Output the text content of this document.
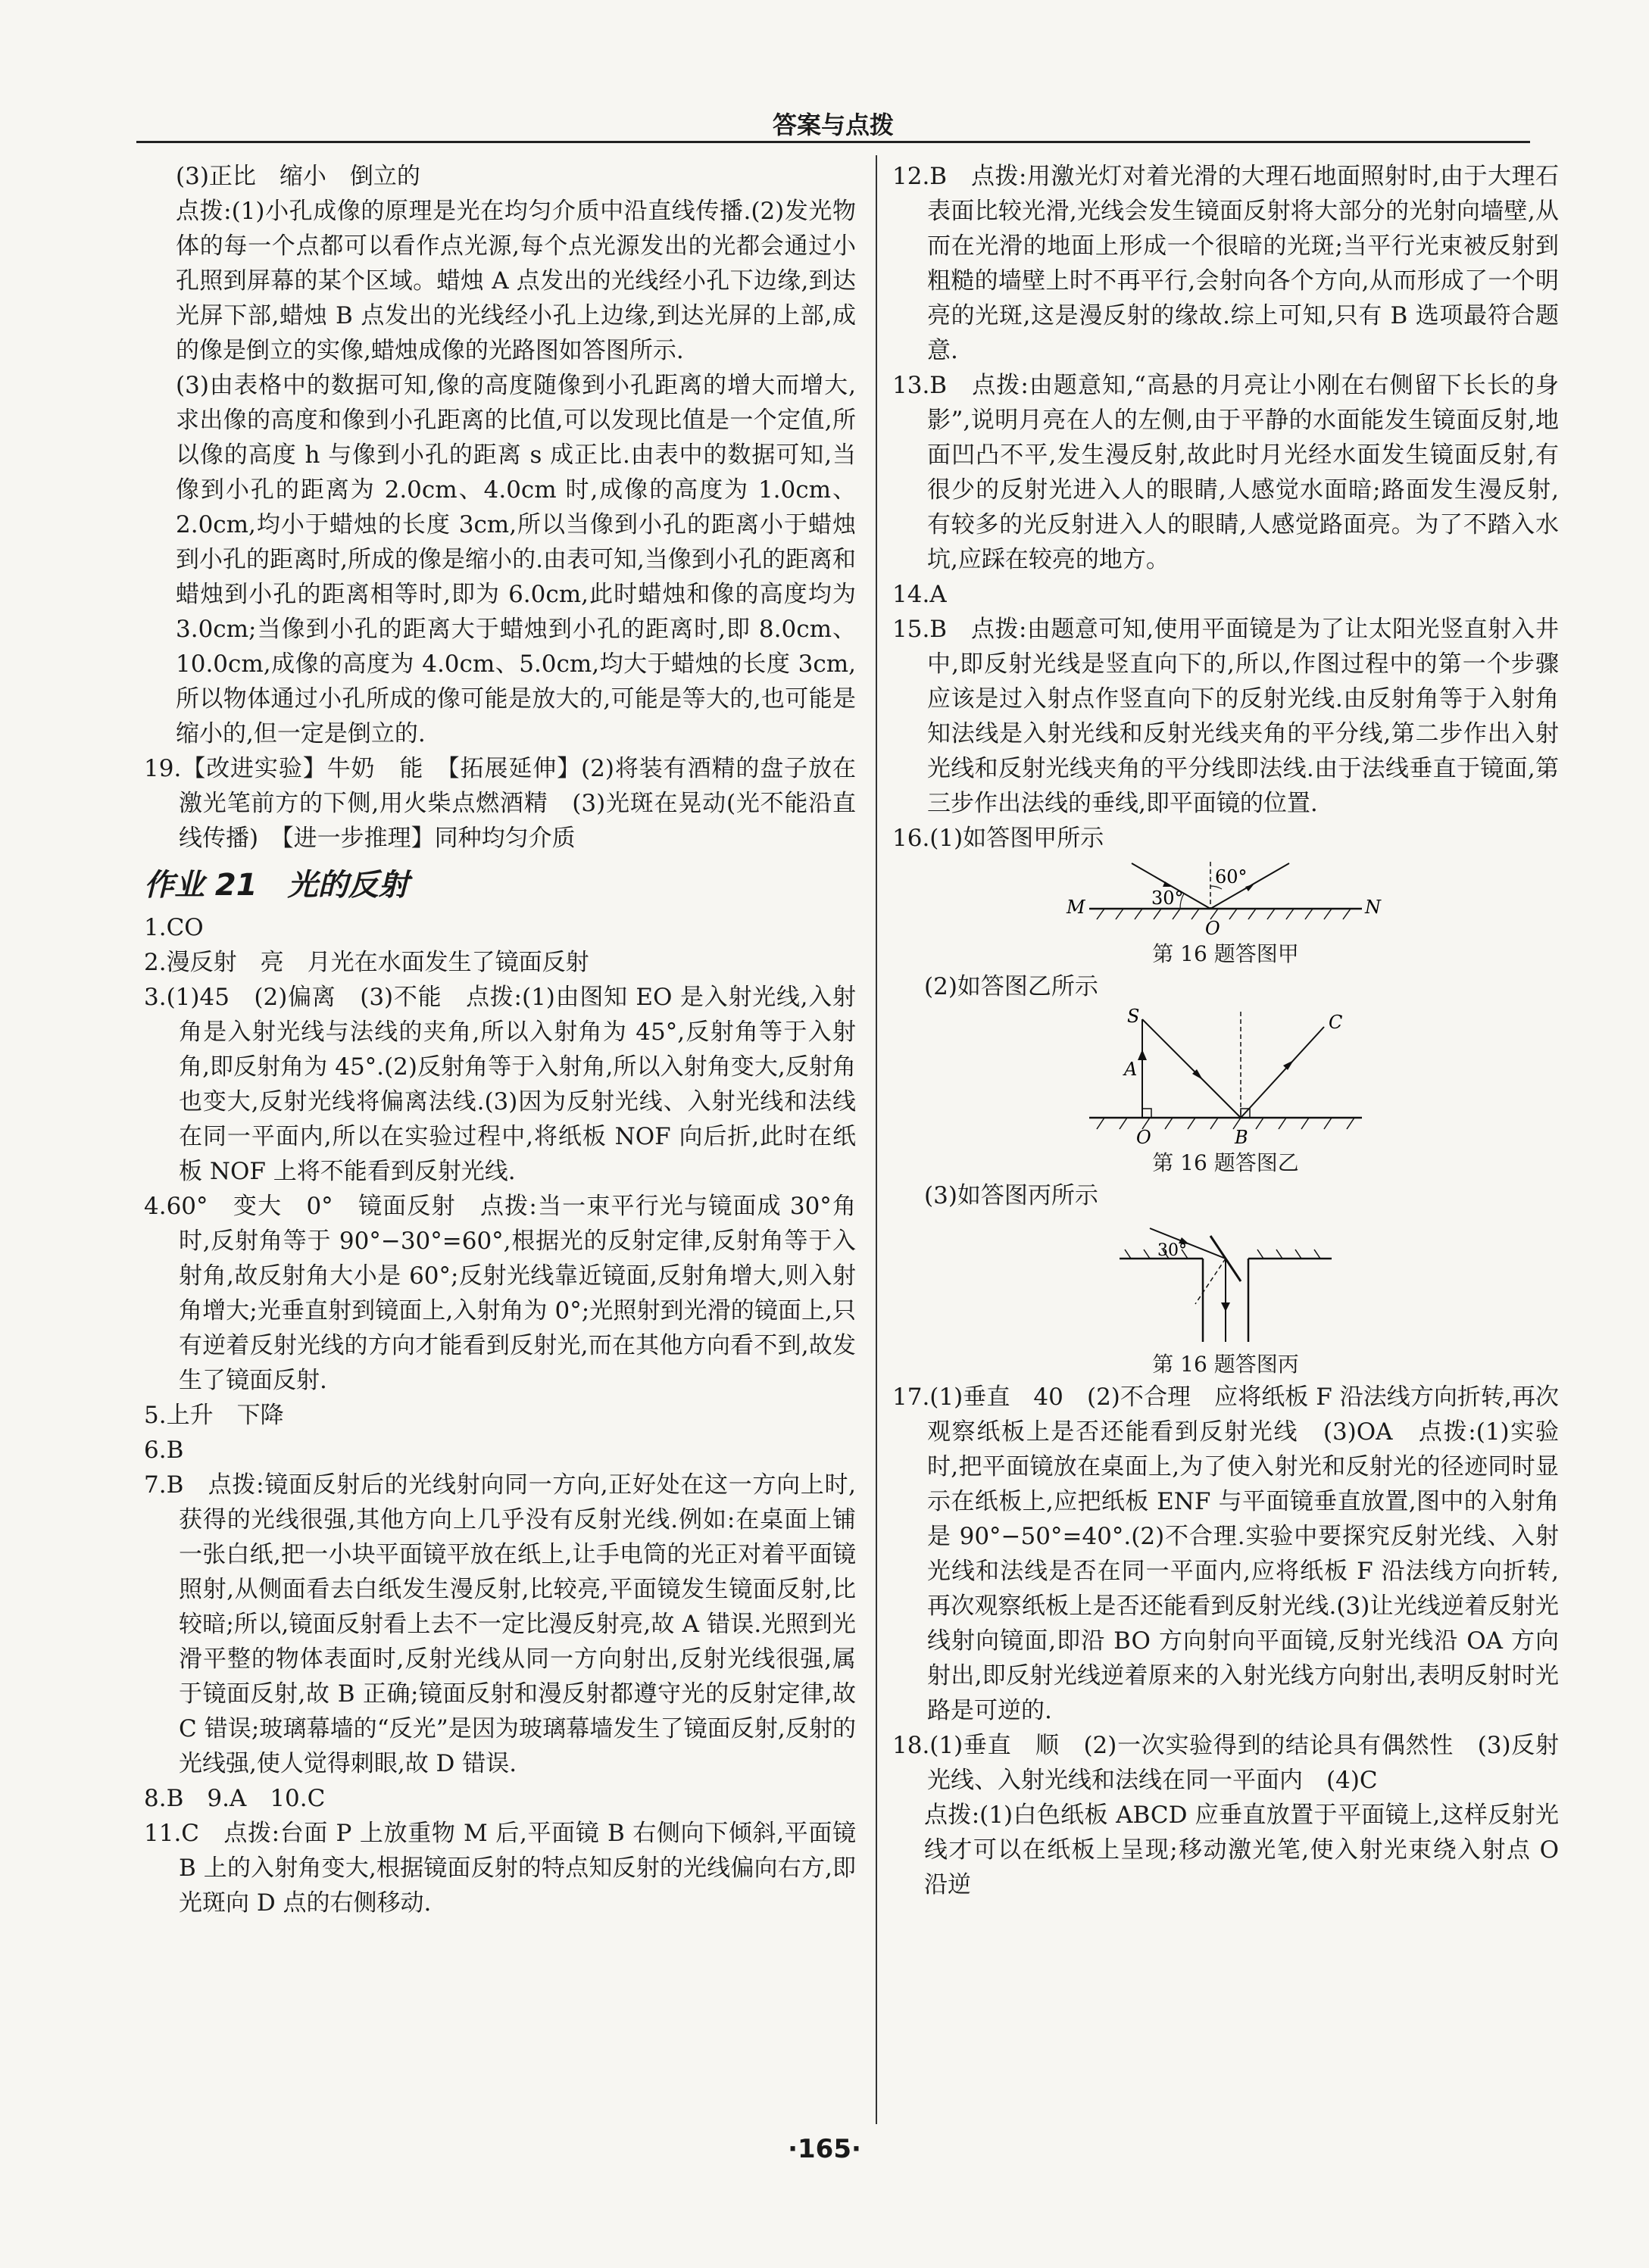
答案与点拨

(3)正比　缩小　倒立的

点拨:(1)小孔成像的原理是光在均匀介质中沿直线传播.(2)发光物体的每一个点都可以看作点光源,每个点光源发出的光都会通过小孔照到屏幕的某个区域。蜡烛 A 点发出的光线经小孔下边缘,到达光屏下部,蜡烛 B 点发出的光线经小孔上边缘,到达光屏的上部,成的像是倒立的实像,蜡烛成像的光路图如答图所示.

(3)由表格中的数据可知,像的高度随像到小孔距离的增大而增大,求出像的高度和像到小孔距离的比值,可以发现比值是一个定值,所以像的高度 h 与像到小孔的距离 s 成正比.由表中的数据可知,当像到小孔的距离为 2.0cm、4.0cm 时,成像的高度为 1.0cm、2.0cm,均小于蜡烛的长度 3cm,所以当像到小孔的距离小于蜡烛到小孔的距离时,所成的像是缩小的.由表可知,当像到小孔的距离和蜡烛到小孔的距离相等时,即为 6.0cm,此时蜡烛和像的高度均为 3.0cm;当像到小孔的距离大于蜡烛到小孔的距离时,即 8.0cm、10.0cm,成像的高度为 4.0cm、5.0cm,均大于蜡烛的长度 3cm,所以物体通过小孔所成的像可能是放大的,可能是等大的,也可能是缩小的,但一定是倒立的.

19.【改进实验】牛奶　能　【拓展延伸】(2)将装有酒精的盘子放在激光笔前方的下侧,用火柴点燃酒精　(3)光斑在晃动(光不能沿直线传播)　【进一步推理】同种均匀介质

作业 21　光的反射

1.CO

2.漫反射　亮　月光在水面发生了镜面反射

3.(1)45　(2)偏离　(3)不能　点拨:(1)由图知 EO 是入射光线,入射角是入射光线与法线的夹角,所以入射角为 45°,反射角等于入射角,即反射角为 45°.(2)反射角等于入射角,所以入射角变大,反射角也变大,反射光线将偏离法线.(3)因为反射光线、入射光线和法线在同一平面内,所以在实验过程中,将纸板 NOF 向后折,此时在纸板 NOF 上将不能看到反射光线.

4.60°　变大　0°　镜面反射　点拨:当一束平行光与镜面成 30°角时,反射角等于 90°−30°=60°,根据光的反射定律,反射角等于入射角,故反射角大小是 60°;反射光线靠近镜面,反射角增大,则入射角增大;光垂直射到镜面上,入射角为 0°;光照射到光滑的镜面上,只有逆着反射光线的方向才能看到反射光,而在其他方向看不到,故发生了镜面反射.

5.上升　下降

6.B

7.B　点拨:镜面反射后的光线射向同一方向,正好处在这一方向上时,获得的光线很强,其他方向上几乎没有反射光线.例如:在桌面上铺一张白纸,把一小块平面镜平放在纸上,让手电筒的光正对着平面镜照射,从侧面看去白纸发生漫反射,比较亮,平面镜发生镜面反射,比较暗;所以,镜面反射看上去不一定比漫反射亮,故 A 错误.光照到光滑平整的物体表面时,反射光线从同一方向射出,反射光线很强,属于镜面反射,故 B 正确;镜面反射和漫反射都遵守光的反射定律,故 C 错误;玻璃幕墙的“反光”是因为玻璃幕墙发生了镜面反射,反射的光线强,使人觉得刺眼,故 D 错误.

8.B　9.A　10.C

11.C　点拨:台面 P 上放重物 M 后,平面镜 B 右侧向下倾斜,平面镜 B 上的入射角变大,根据镜面反射的特点知反射的光线偏向右方,即光斑向 D 点的右侧移动.

12.B　点拨:用激光灯对着光滑的大理石地面照射时,由于大理石表面比较光滑,光线会发生镜面反射将大部分的光射向墙壁,从而在光滑的地面上形成一个很暗的光斑;当平行光束被反射到粗糙的墙壁上时不再平行,会射向各个方向,从而形成了一个明亮的光斑,这是漫反射的缘故.综上可知,只有 B 选项最符合题意.

13.B　点拨:由题意知,“高悬的月亮让小刚在右侧留下长长的身影”,说明月亮在人的左侧,由于平静的水面能发生镜面反射,地面凹凸不平,发生漫反射,故此时月光经水面发生镜面反射,有很少的反射光进入人的眼睛,人感觉水面暗;路面发生漫反射,有较多的光反射进入人的眼睛,人感觉路面亮。为了不踏入水坑,应踩在较亮的地方。

14.A

15.B　点拨:由题意可知,使用平面镜是为了让太阳光竖直射入井中,即反射光线是竖直向下的,所以,作图过程中的第一个步骤应该是过入射点作竖直向下的反射光线.由反射角等于入射角知法线是入射光线和反射光线夹角的平分线,第二步作出入射光线和反射光线夹角的平分线即法线.由于法线垂直于镜面,第三步作出法线的垂线,即平面镜的位置.

16.(1)如答图甲所示

30°
60°
M	N
O
第 16 题答图甲

(2)如答图乙所示

S
A
C
O	B
第 16 题答图乙

(3)如答图丙所示

30°
第 16 题答图丙

17.(1)垂直　40　(2)不合理　应将纸板 F 沿法线方向折转,再次观察纸板上是否还能看到反射光线　(3)OA　点拨:(1)实验时,把平面镜放在桌面上,为了使入射光和反射光的径迹同时显示在纸板上,应把纸板 ENF 与平面镜垂直放置,图中的入射角是 90°−50°=40°.(2)不合理.实验中要探究反射光线、入射光线和法线是否在同一平面内,应将纸板 F 沿法线方向折转,再次观察纸板上是否还能看到反射光线.(3)让光线逆着反射光线射向镜面,即沿 BO 方向射向平面镜,反射光线沿 OA 方向射出,即反射光线逆着原来的入射光线方向射出,表明反射时光路是可逆的.

18.(1)垂直　顺　(2)一次实验得到的结论具有偶然性　(3)反射光线、入射光线和法线在同一平面内　(4)C

点拨:(1)白色纸板 ABCD 应垂直放置于平面镜上,这样反射光线才可以在纸板上呈现;移动激光笔,使入射光束绕入射点 O 沿逆

·165·
